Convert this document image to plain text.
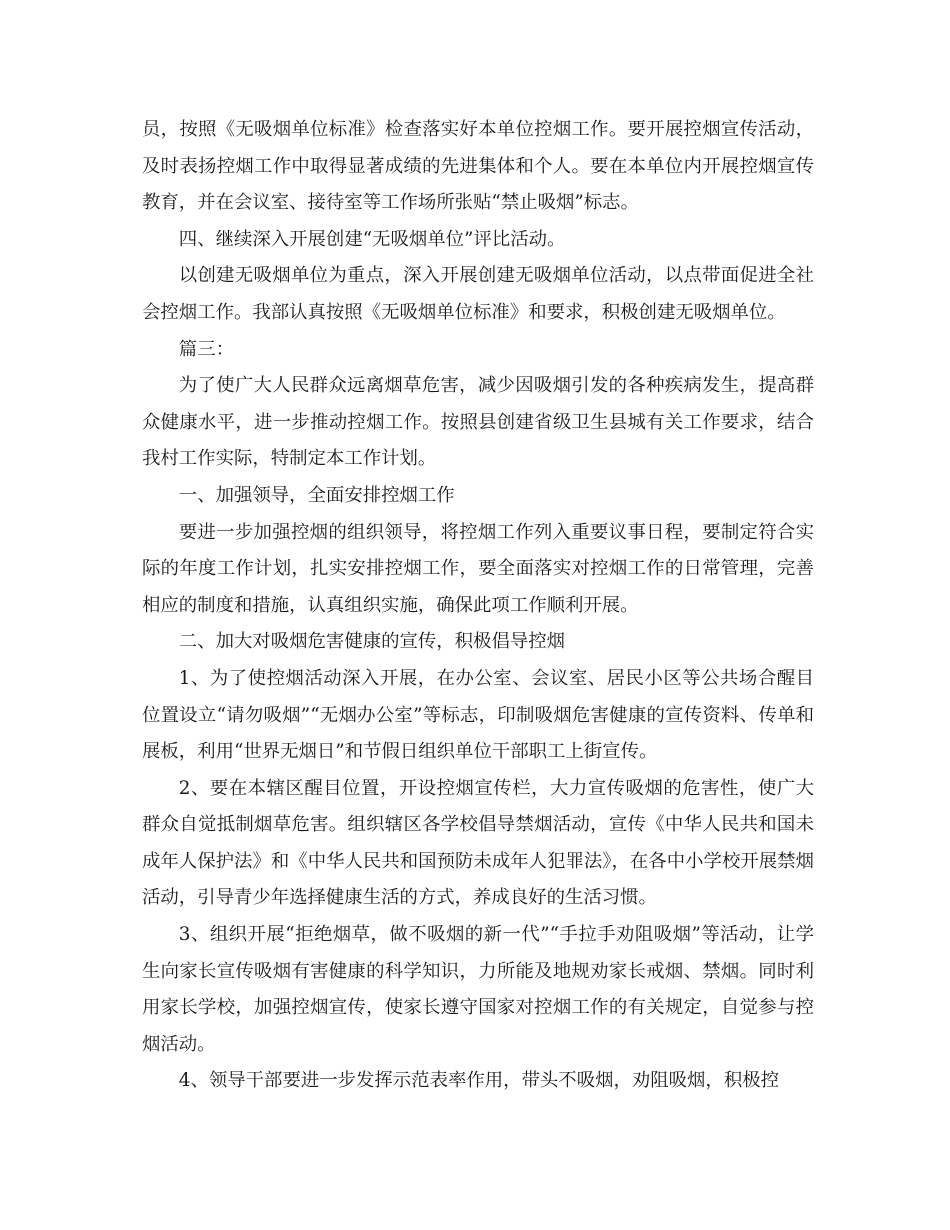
员，按照《无吸烟单位标准》检查落实好本单位控烟工作。要开展控烟宣传活动，及时表扬控烟工作中取得显著成绩的先进集体和个人。要在本单位内开展控烟宣传教育，并在会议室、接待室等工作场所张贴“禁止吸烟”标志。

四、继续深入开展创建“无吸烟单位”评比活动。

以创建无吸烟单位为重点，深入开展创建无吸烟单位活动，以点带面促进全社会控烟工作。我部认真按照《无吸烟单位标准》和要求，积极创建无吸烟单位。

篇三：

为了使广大人民群众远离烟草危害，减少因吸烟引发的各种疾病发生，提高群众健康水平，进一步推动控烟工作。按照县创建省级卫生县城有关工作要求，结合我村工作实际，特制定本工作计划。

一、加强领导，全面安排控烟工作

要进一步加强控烟的组织领导，将控烟工作列入重要议事日程，要制定符合实际的年度工作计划，扎实安排控烟工作，要全面落实对控烟工作的日常管理，完善相应的制度和措施，认真组织实施，确保此项工作顺利开展。

二、加大对吸烟危害健康的宣传，积极倡导控烟

1、为了使控烟活动深入开展，在办公室、会议室、居民小区等公共场合醒目位置设立“请勿吸烟”“无烟办公室”等标志，印制吸烟危害健康的宣传资料、传单和展板，利用“世界无烟日”和节假日组织单位干部职工上街宣传。

2、要在本辖区醒目位置，开设控烟宣传栏，大力宣传吸烟的危害性，使广大群众自觉抵制烟草危害。组织辖区各学校倡导禁烟活动，宣传《中华人民共和国未成年人保护法》和《中华人民共和国预防未成年人犯罪法》，在各中小学校开展禁烟活动，引导青少年选择健康生活的方式，养成良好的生活习惯。

3、组织开展“拒绝烟草，做不吸烟的新一代”“手拉手劝阻吸烟”等活动，让学生向家长宣传吸烟有害健康的科学知识，力所能及地规劝家长戒烟、禁烟。同时利用家长学校，加强控烟宣传，使家长遵守国家对控烟工作的有关规定，自觉参与控烟活动。

4、领导干部要进一步发挥示范表率作用，带头不吸烟，劝阻吸烟，积极控
